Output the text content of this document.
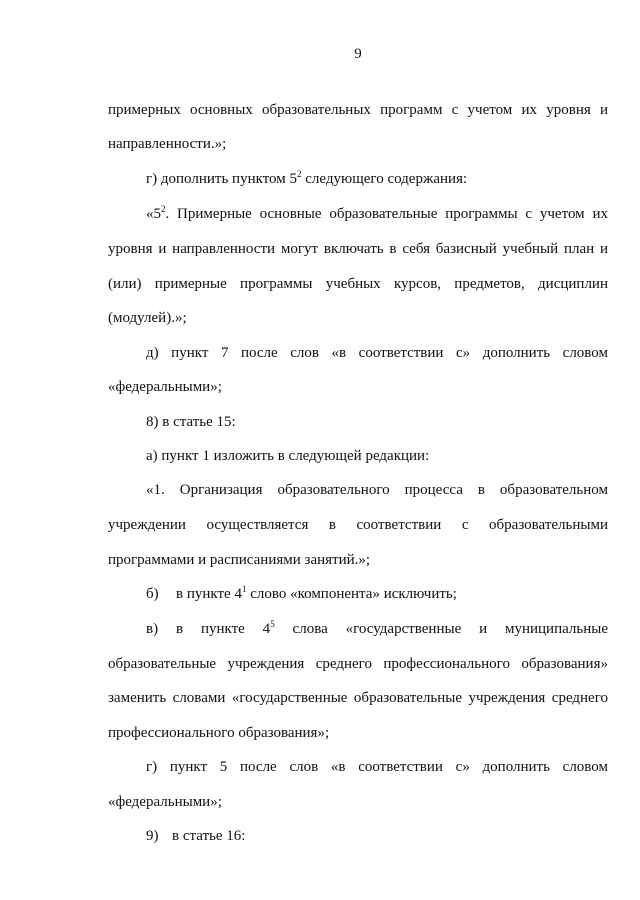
9
примерных основных образовательных программ с учетом их уровня и
направленности.»;
г) дополнить пунктом $5^2$ следующего содержания:
«$5^2$. Примерные основные образовательные программы с учетом их
уровня и направленности могут включать в себя базисный учебный план и
(или) примерные программы учебных курсов, предметов, дисциплин
(модулей).»;
д) пункт 7 после слов «в соответствии с» дополнить словом
«федеральными»;
8) в статье 15:
а) пункт 1 изложить в следующей редакции:
«1. Организация образовательного процесса в образовательном
учреждении осуществляется в соответствии с образовательными
программами и расписаниями занятий.»;
б) в пункте $4^1$ слово «компонента» исключить;
в) в пункте $4^5$ слова «государственные и муниципальные
образовательные учреждения среднего профессионального образования»
заменить словами «государственные образовательные учреждения среднего
профессионального образования»;
г) пункт 5 после слов «в соответствии с» дополнить словом
«федеральными»;
9) в статье 16:
